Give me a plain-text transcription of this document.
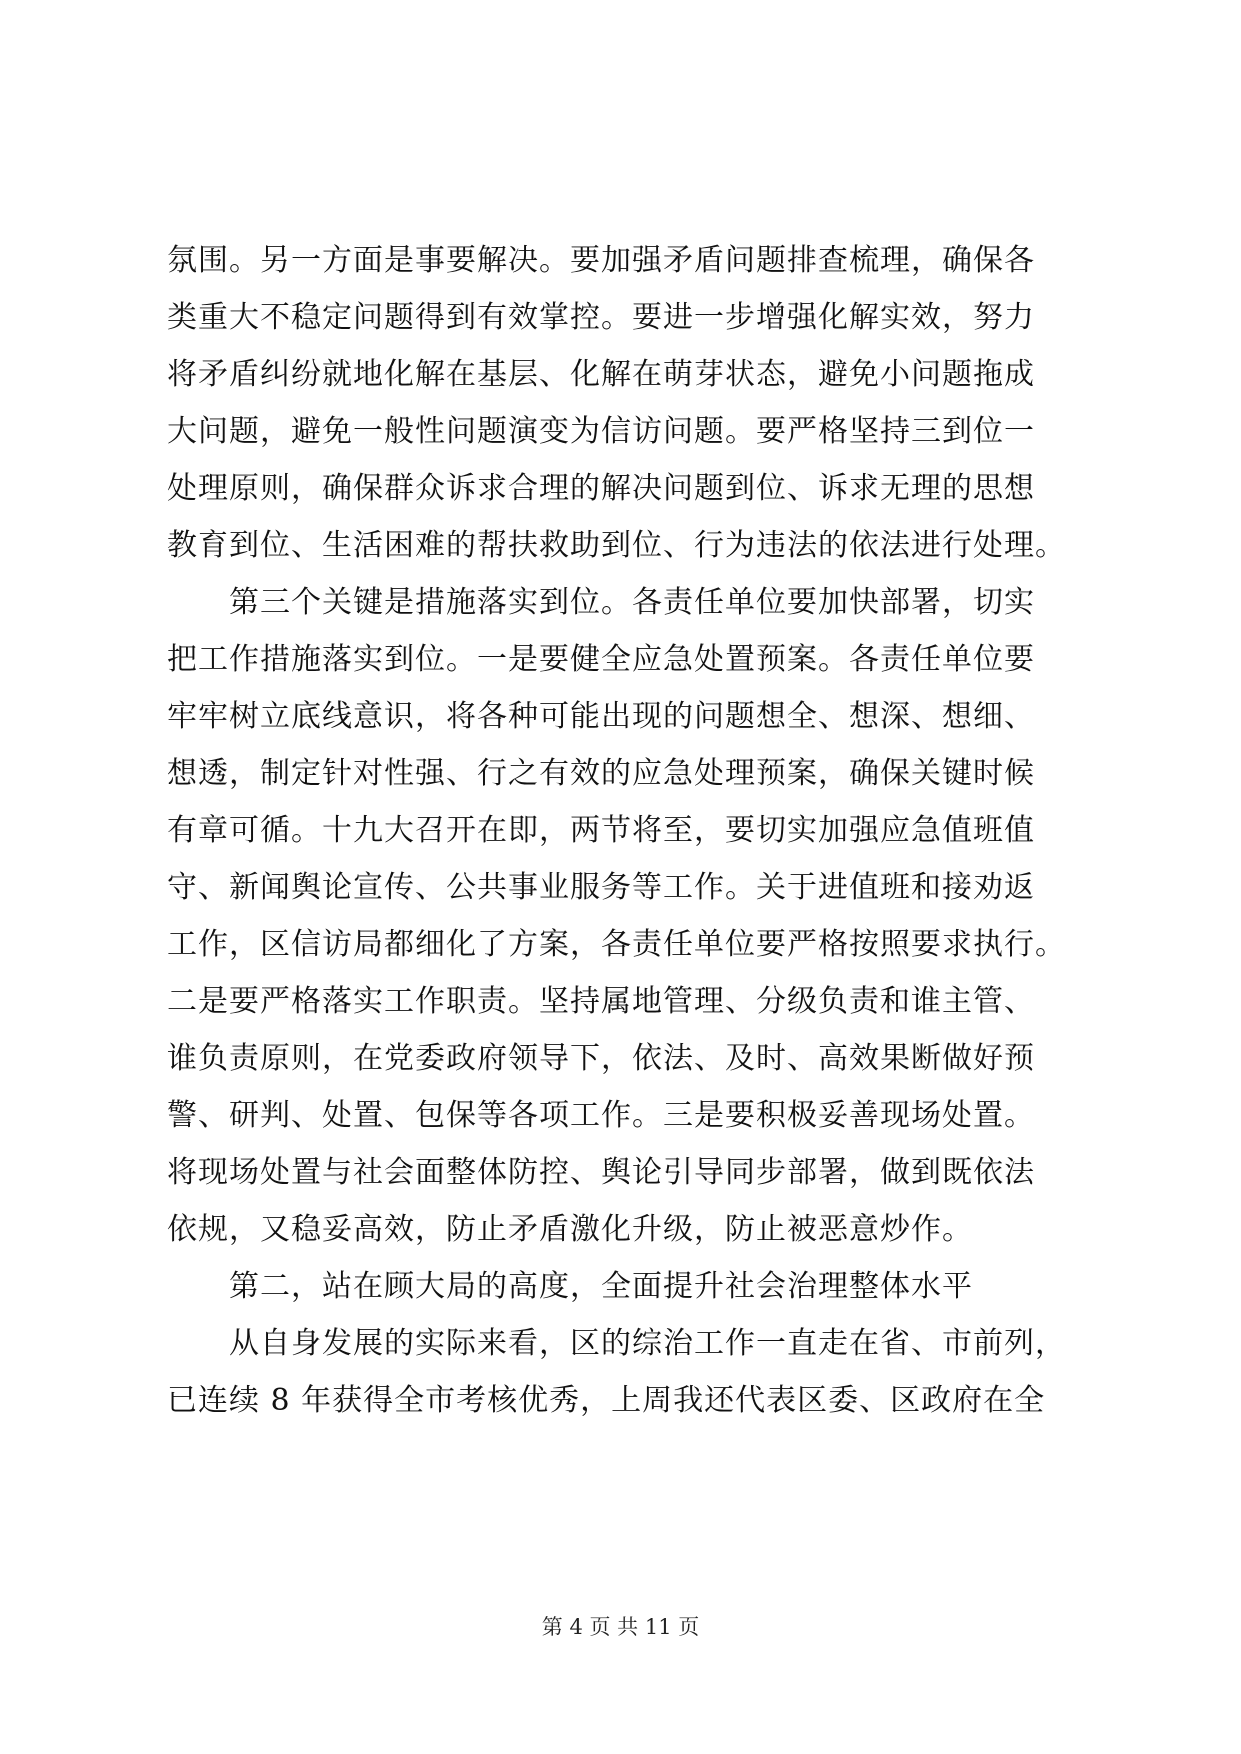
氛围。另一方面是事要解决。要加强矛盾问题排查梳理，确保各
类重大不稳定问题得到有效掌控。要进一步增强化解实效，努力
将矛盾纠纷就地化解在基层、化解在萌芽状态，避免小问题拖成
大问题，避免一般性问题演变为信访问题。要严格坚持三到位一
处理原则，确保群众诉求合理的解决问题到位、诉求无理的思想
教育到位、生活困难的帮扶救助到位、行为违法的依法进行处理。
第三个关键是措施落实到位。各责任单位要加快部署，切实
把工作措施落实到位。一是要健全应急处置预案。各责任单位要
牢牢树立底线意识，将各种可能出现的问题想全、想深、想细、
想透，制定针对性强、行之有效的应急处理预案，确保关键时候
有章可循。十九大召开在即，两节将至，要切实加强应急值班值
守、新闻舆论宣传、公共事业服务等工作。关于进值班和接劝返
工作，区信访局都细化了方案，各责任单位要严格按照要求执行。
二是要严格落实工作职责。坚持属地管理、分级负责和谁主管、
谁负责原则，在党委政府领导下，依法、及时、高效果断做好预
警、研判、处置、包保等各项工作。三是要积极妥善现场处置。
将现场处置与社会面整体防控、舆论引导同步部署，做到既依法
依规，又稳妥高效，防止矛盾激化升级，防止被恶意炒作。
第二，站在顾大局的高度，全面提升社会治理整体水平
从自身发展的实际来看，区的综治工作一直走在省、市前列，
已连续 8 年获得全市考核优秀，上周我还代表区委、区政府在全
第 4 页 共 11 页
